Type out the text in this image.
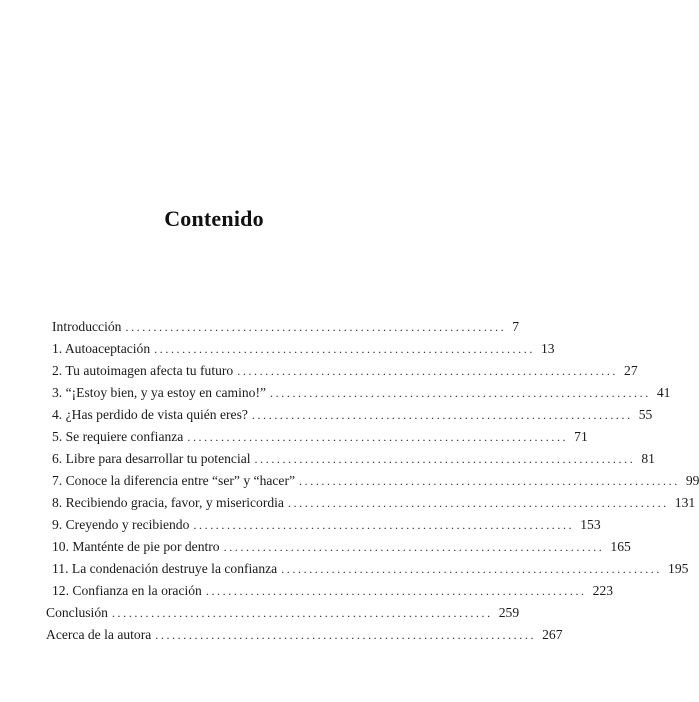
Contenido
Introducción .................................................................... 7
1. Autoaceptación .................................................................... 13
2. Tu autoimagen afecta tu futuro .................................................................... 27
3. “¡Estoy bien, y ya estoy en camino!” .................................................................... 41
4. ¿Has perdido de vista quién eres? .................................................................... 55
5. Se requiere confianza .................................................................... 71
6. Libre para desarrollar tu potencial .................................................................... 81
7. Conoce la diferencia entre “ser” y “hacer” .................................................................... 99
8. Recibiendo gracia, favor, y misericordia .................................................................... 131
9. Creyendo y recibiendo .................................................................... 153
10. Manténte de pie por dentro .................................................................... 165
11. La condenación destruye la confianza .................................................................... 195
12. Confianza en la oración .................................................................... 223
Conclusión .................................................................... 259
Acerca de la autora .................................................................... 267
